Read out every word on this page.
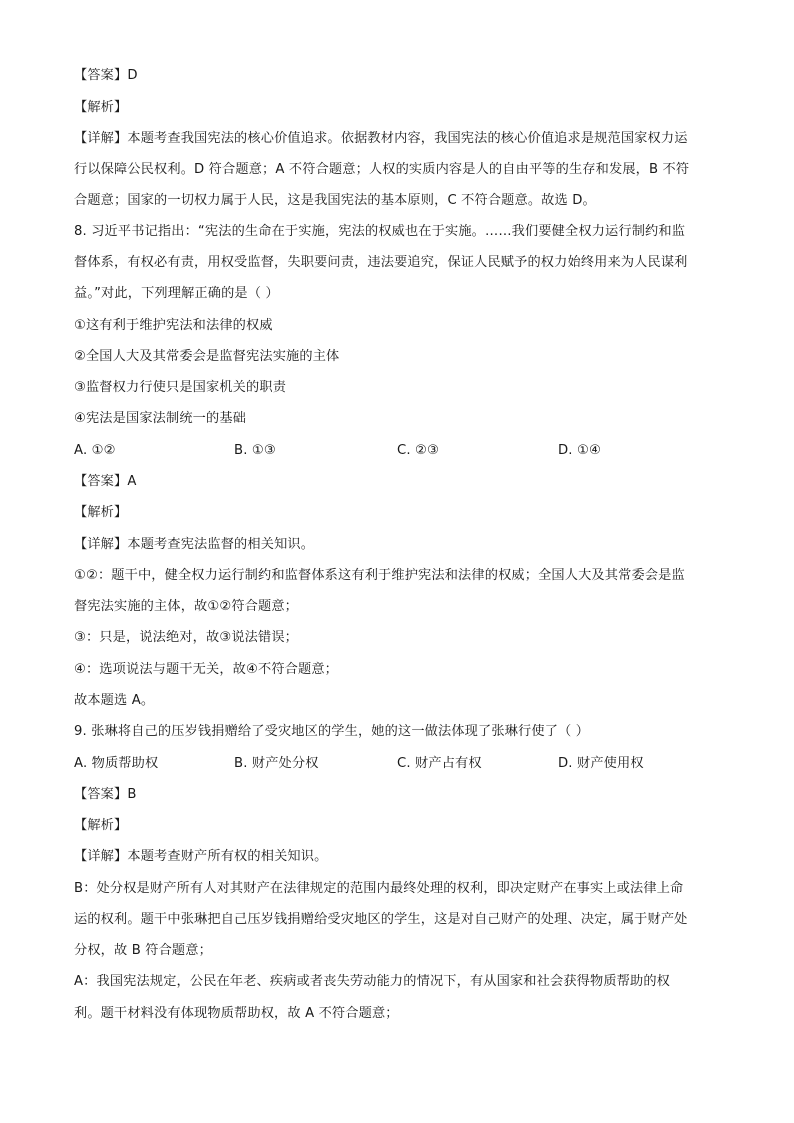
【答案】D
【解析】
【详解】本题考查我国宪法的核心价值追求。依据教材内容，我国宪法的核心价值追求是规范国家权力运
行以保障公民权利。D 符合题意；A 不符合题意；人权的实质内容是人的自由平等的生存和发展，B 不符
合题意；国家的一切权力属于人民，这是我国宪法的基本原则，C 不符合题意。故选 D。
8. 习近平书记指出：“宪法的生命在于实施，宪法的权威也在于实施。……我们要健全权力运行制约和监
督体系，有权必有责，用权受监督，失职要问责，违法要追究，保证人民赋予的权力始终用来为人民谋利
益。”对此，下列理解正确的是（ ）
①这有利于维护宪法和法律的权威
②全国人大及其常委会是监督宪法实施的主体
③监督权力行使只是国家机关的职责
④宪法是国家法制统一的基础
A. ①②	B. ①③	C. ②③	D. ①④
【答案】A
【解析】
【详解】本题考查宪法监督的相关知识。
①②：题干中，健全权力运行制约和监督体系这有利于维护宪法和法律的权威；全国人大及其常委会是监
督宪法实施的主体，故①②符合题意；
③：只是，说法绝对，故③说法错误；
④：选项说法与题干无关，故④不符合题意；
故本题选 A。
9. 张琳将自己的压岁钱捐赠给了受灾地区的学生，她的这一做法体现了张琳行使了（ ）
A. 物质帮助权	B. 财产处分权	C. 财产占有权	D. 财产使用权
【答案】B
【解析】
【详解】本题考查财产所有权的相关知识。
B：处分权是财产所有人对其财产在法律规定的范围内最终处理的权利，即决定财产在事实上或法律上命
运的权利。题干中张琳把自己压岁钱捐赠给受灾地区的学生，这是对自己财产的处理、决定，属于财产处
分权，故 B 符合题意；
A：我国宪法规定，公民在年老、疾病或者丧失劳动能力的情况下，有从国家和社会获得物质帮助的权
利。题干材料没有体现物质帮助权，故 A 不符合题意；
